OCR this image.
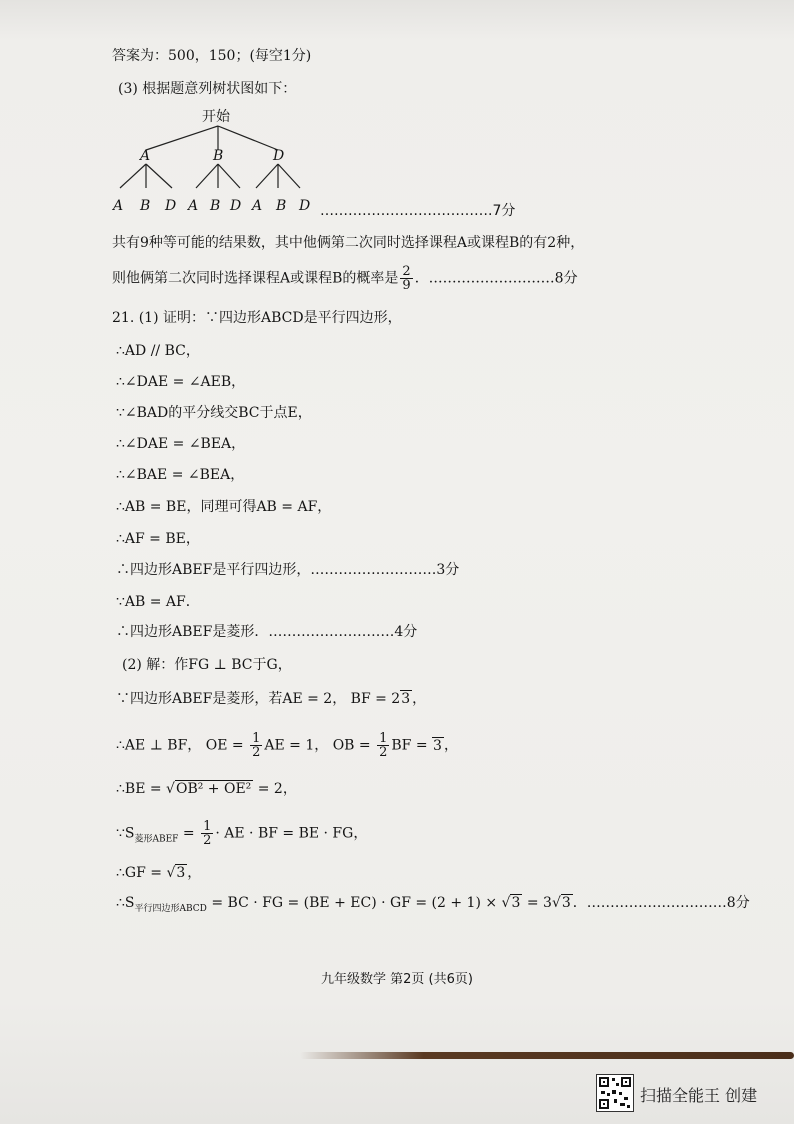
答案为：500，150；(每空1分)
(3) 根据题意列树状图如下：
开始
A	B	D
A B D A B D A B D ……………………………….7分
共有9种等可能的结果数，其中他俩第二次同时选择课程A或课程B的有2种，
则他俩第二次同时选择课程A或课程B的概率是 $\frac{2}{9}$ ．………………………8分
21. (1) 证明：∵四边形ABCD是平行四边形，
∴AD // BC，
∴∠DAE = ∠AEB，
∵∠BAD的平分线交BC于点E，
∴∠DAE = ∠BEA，
∴∠BAE = ∠BEA，
∴AB = BE，同理可得AB = AF，
∴AF = BE，
∴四边形ABEF是平行四边形，………………………3分
∵AB = AF．
∴四边形ABEF是菱形．………………………4分
(2) 解：作FG ⊥ BC于G，
∵四边形ABEF是菱形，若AE = 2， BF = 23 ，
∴AE ⊥ BF， OE = $\frac{1}{2}$ AE = 1， OB = $\frac{1}{2}$ BF = 3 ，
∴BE = √OB² + OE² = 2，
$\because S_{菱形ABEF} = \frac{1}{2}$ · AE · BF = BE · FG，
∴GF = √3 ，
$\therefore S_{平行四边形ABCD}$ = BC · FG = (BE + EC) · GF = (2 + 1) × √3 = 3√3 ．…………………………8分
九年级数学 第2页 (共6页)
扫描全能王 创建
